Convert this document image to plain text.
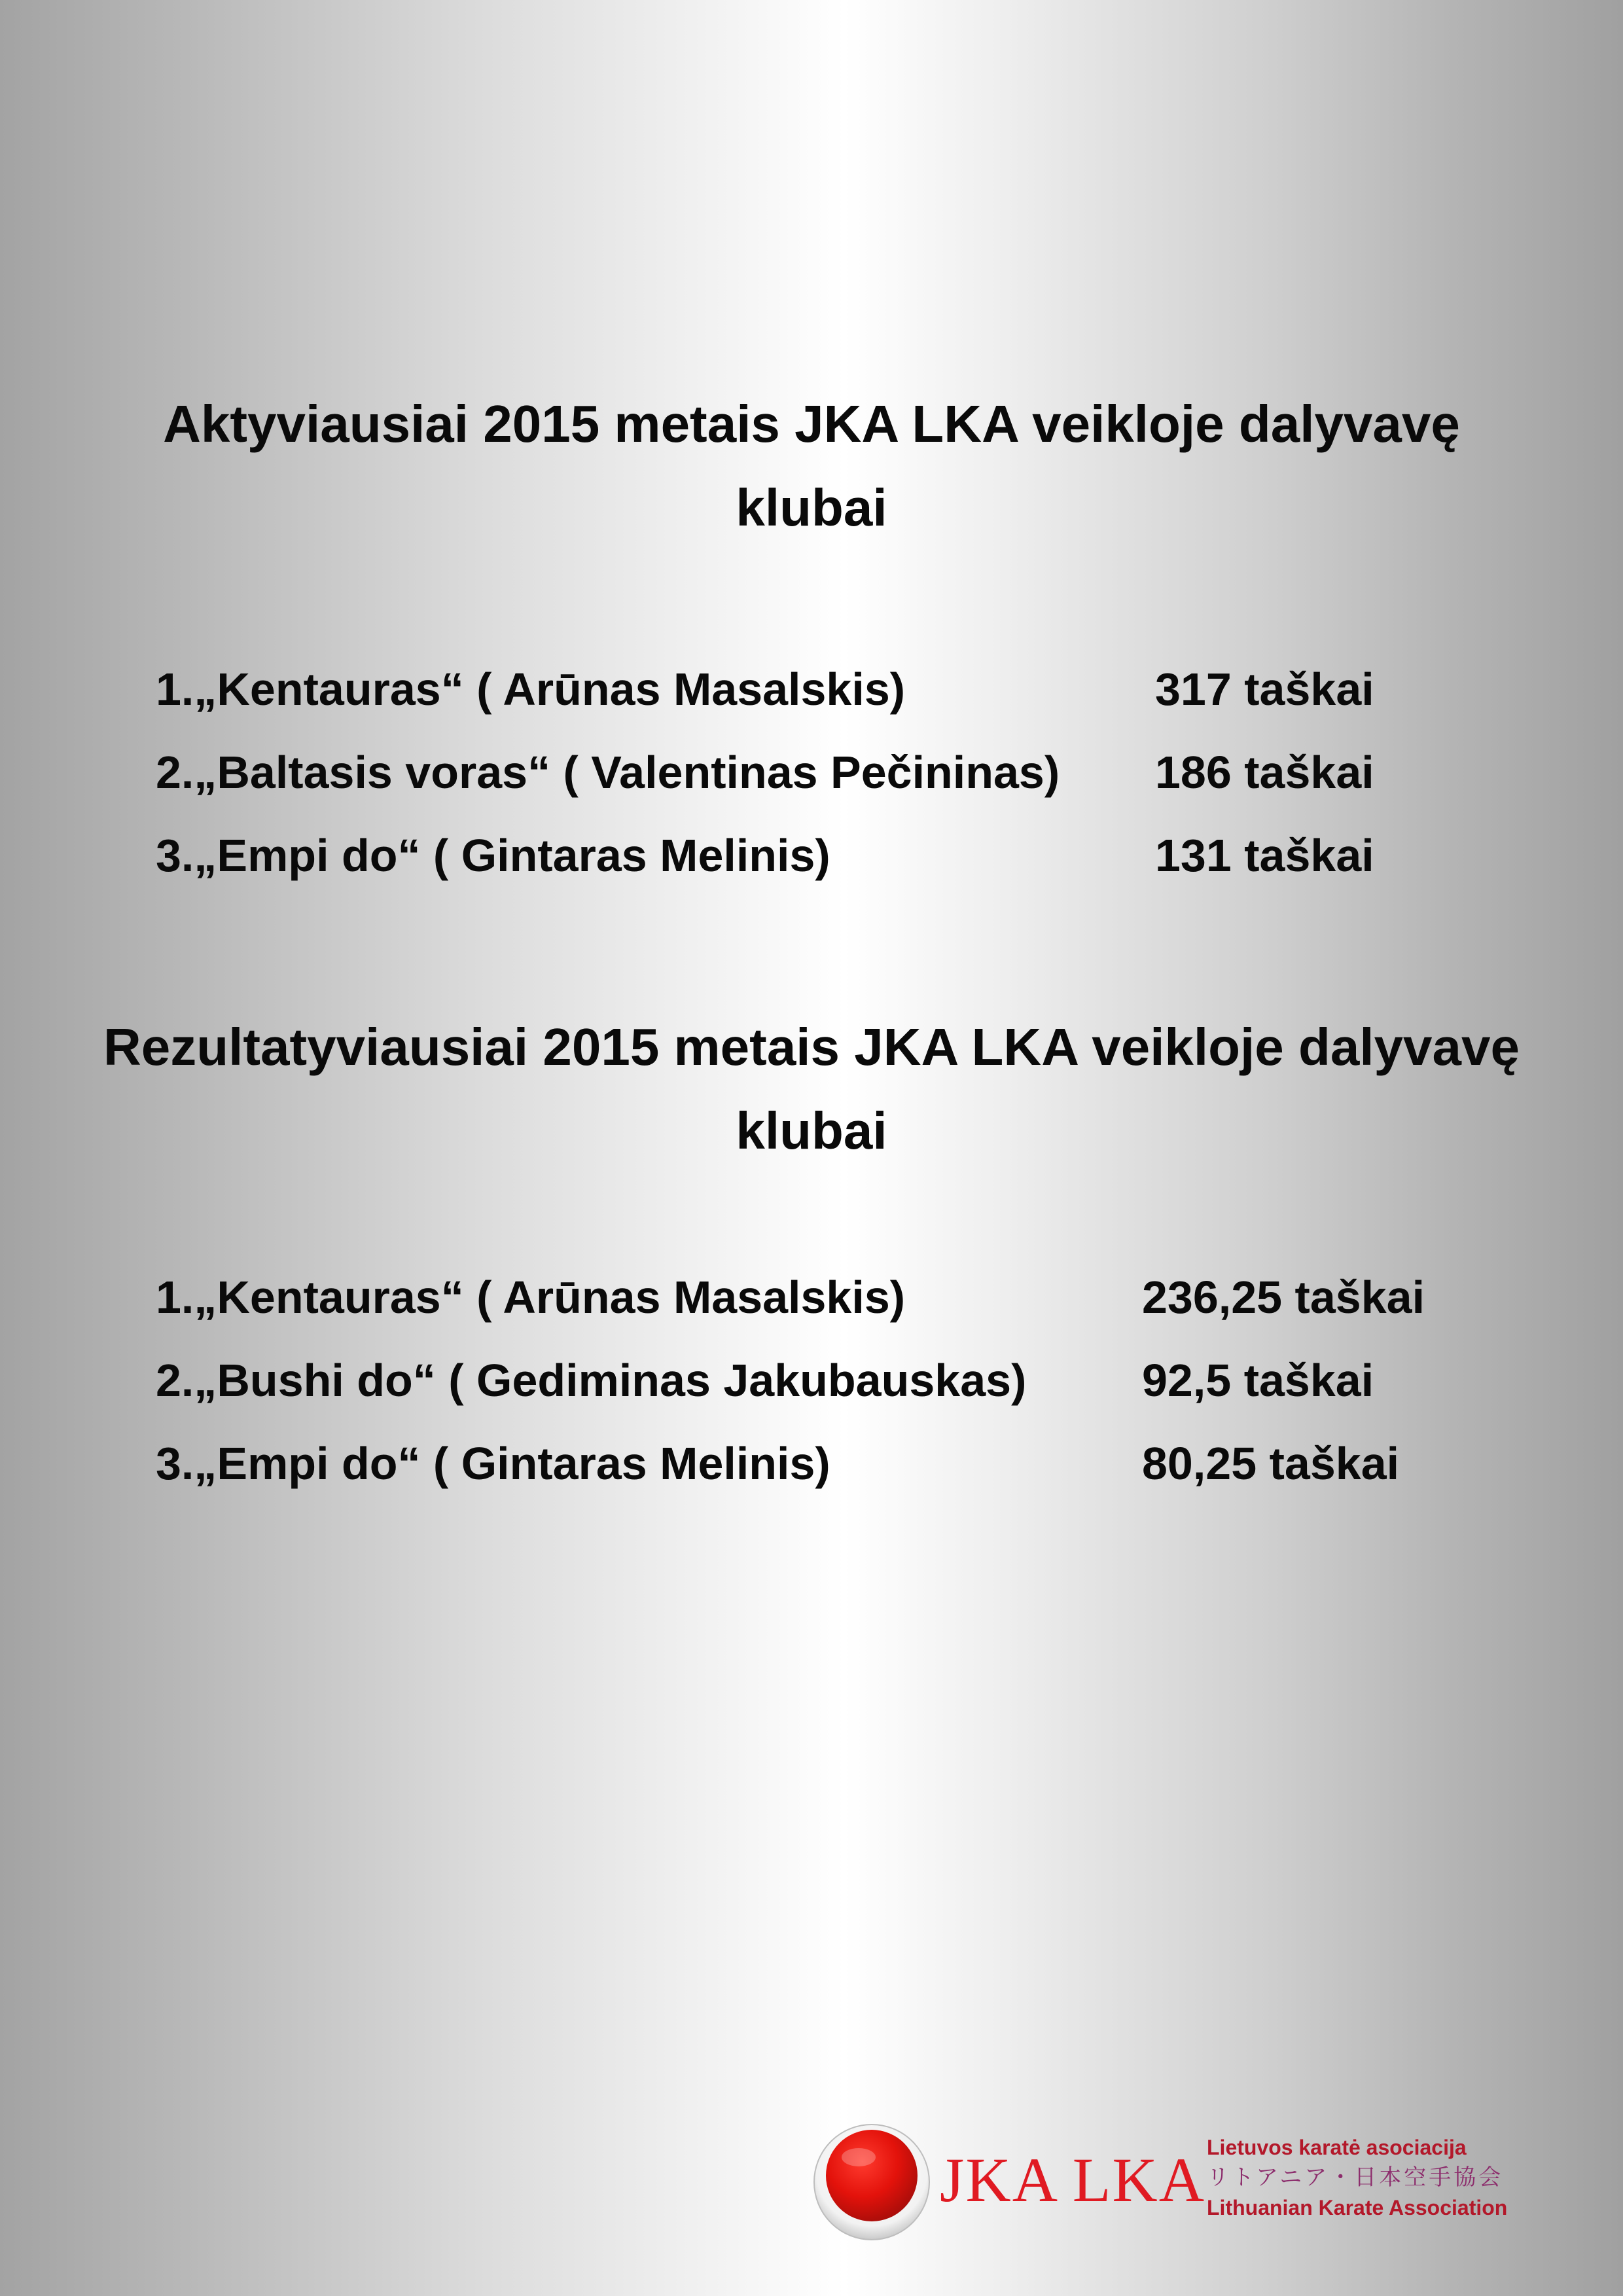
Aktyviausiai 2015 metais JKA LKA veikloje dalyvavę klubai
1.„Kentauras“ ( Arūnas Masalskis)	317 taškai
2.„Baltasis voras“ ( Valentinas Pečininas) 186 taškai
3.„Empi do“ ( Gintaras Melinis)	131 taškai
Rezultatyviausiai 2015 metais JKA LKA veikloje dalyvavę klubai
1.„Kentauras“ ( Arūnas Masalskis)	236,25 taškai
2.„Bushi do“ ( Gediminas Jakubauskas)	92,5 taškai
3.„Empi do“ ( Gintaras Melinis)	80,25 taškai
JKA LKA Lietuvos karatė asociacija
リトアニア・日本空手協会
Lithuanian Karate Association
